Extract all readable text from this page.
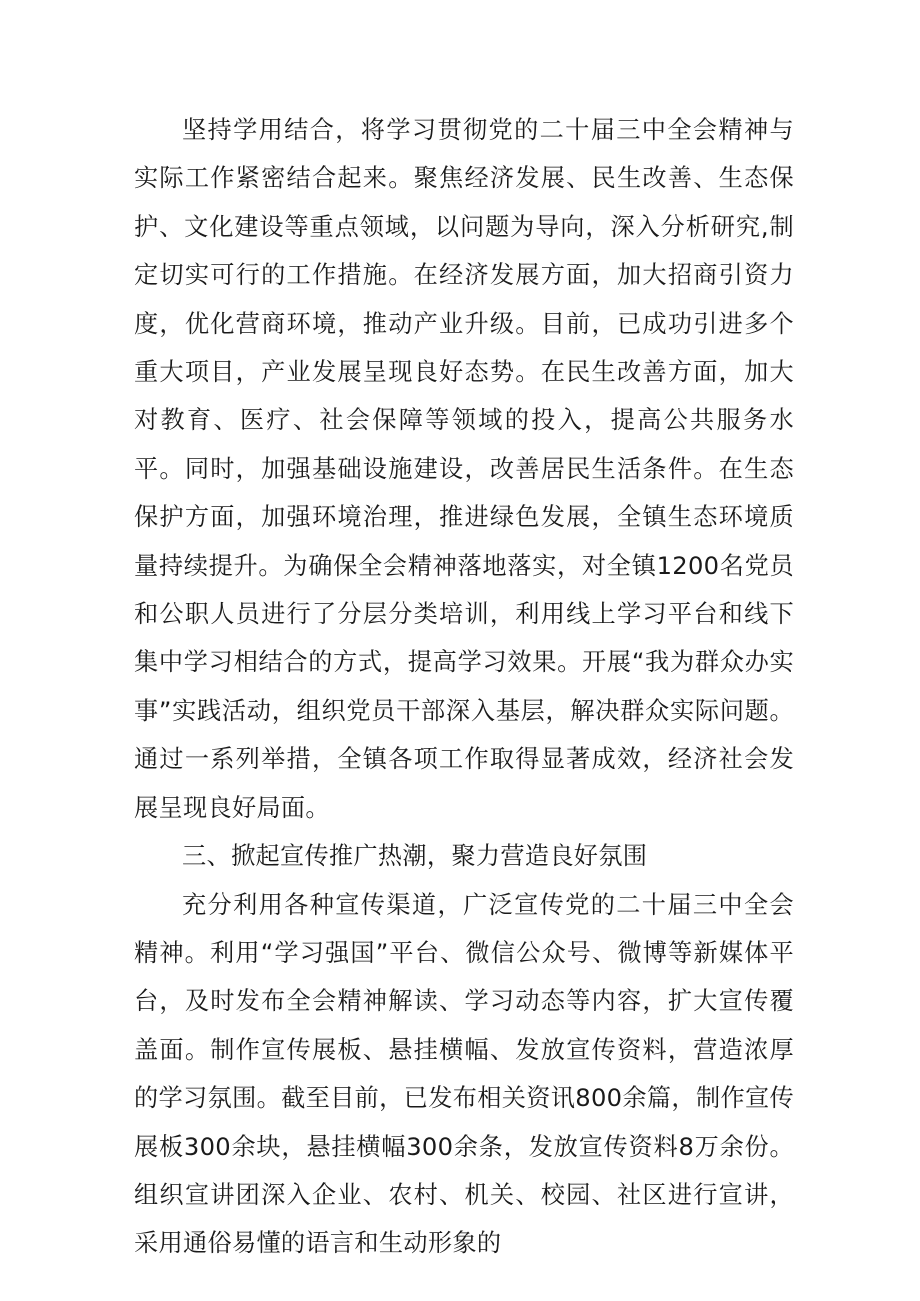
坚持学用结合，将学习贯彻党的二十届三中全会精神与实际工作紧密结合起来。聚焦经济发展、民生改善、生态保护、文化建设等重点领域，以问题为导向，深入分析研究,制定切实可行的工作措施。在经济发展方面，加大招商引资力度，优化营商环境，推动产业升级。目前，已成功引进多个重大项目，产业发展呈现良好态势。在民生改善方面，加大对教育、医疗、社会保障等领域的投入，提高公共服务水平。同时，加强基础设施建设，改善居民生活条件。在生态保护方面，加强环境治理，推进绿色发展，全镇生态环境质量持续提升。为确保全会精神落地落实，对全镇1200名党员和公职人员进行了分层分类培训，利用线上学习平台和线下集中学习相结合的方式，提高学习效果。开展“我为群众办实事”实践活动，组织党员干部深入基层，解决群众实际问题。通过一系列举措，全镇各项工作取得显著成效，经济社会发展呈现良好局面。

三、掀起宣传推广热潮，聚力营造良好氛围

充分利用各种宣传渠道，广泛宣传党的二十届三中全会精神。利用“学习强国”平台、微信公众号、微博等新媒体平台，及时发布全会精神解读、学习动态等内容，扩大宣传覆盖面。制作宣传展板、悬挂横幅、发放宣传资料，营造浓厚的学习氛围。截至目前，已发布相关资讯800余篇，制作宣传展板300余块，悬挂横幅300余条，发放宣传资料8万余份。组织宣讲团深入企业、农村、机关、校园、社区进行宣讲，采用通俗易懂的语言和生动形象的
